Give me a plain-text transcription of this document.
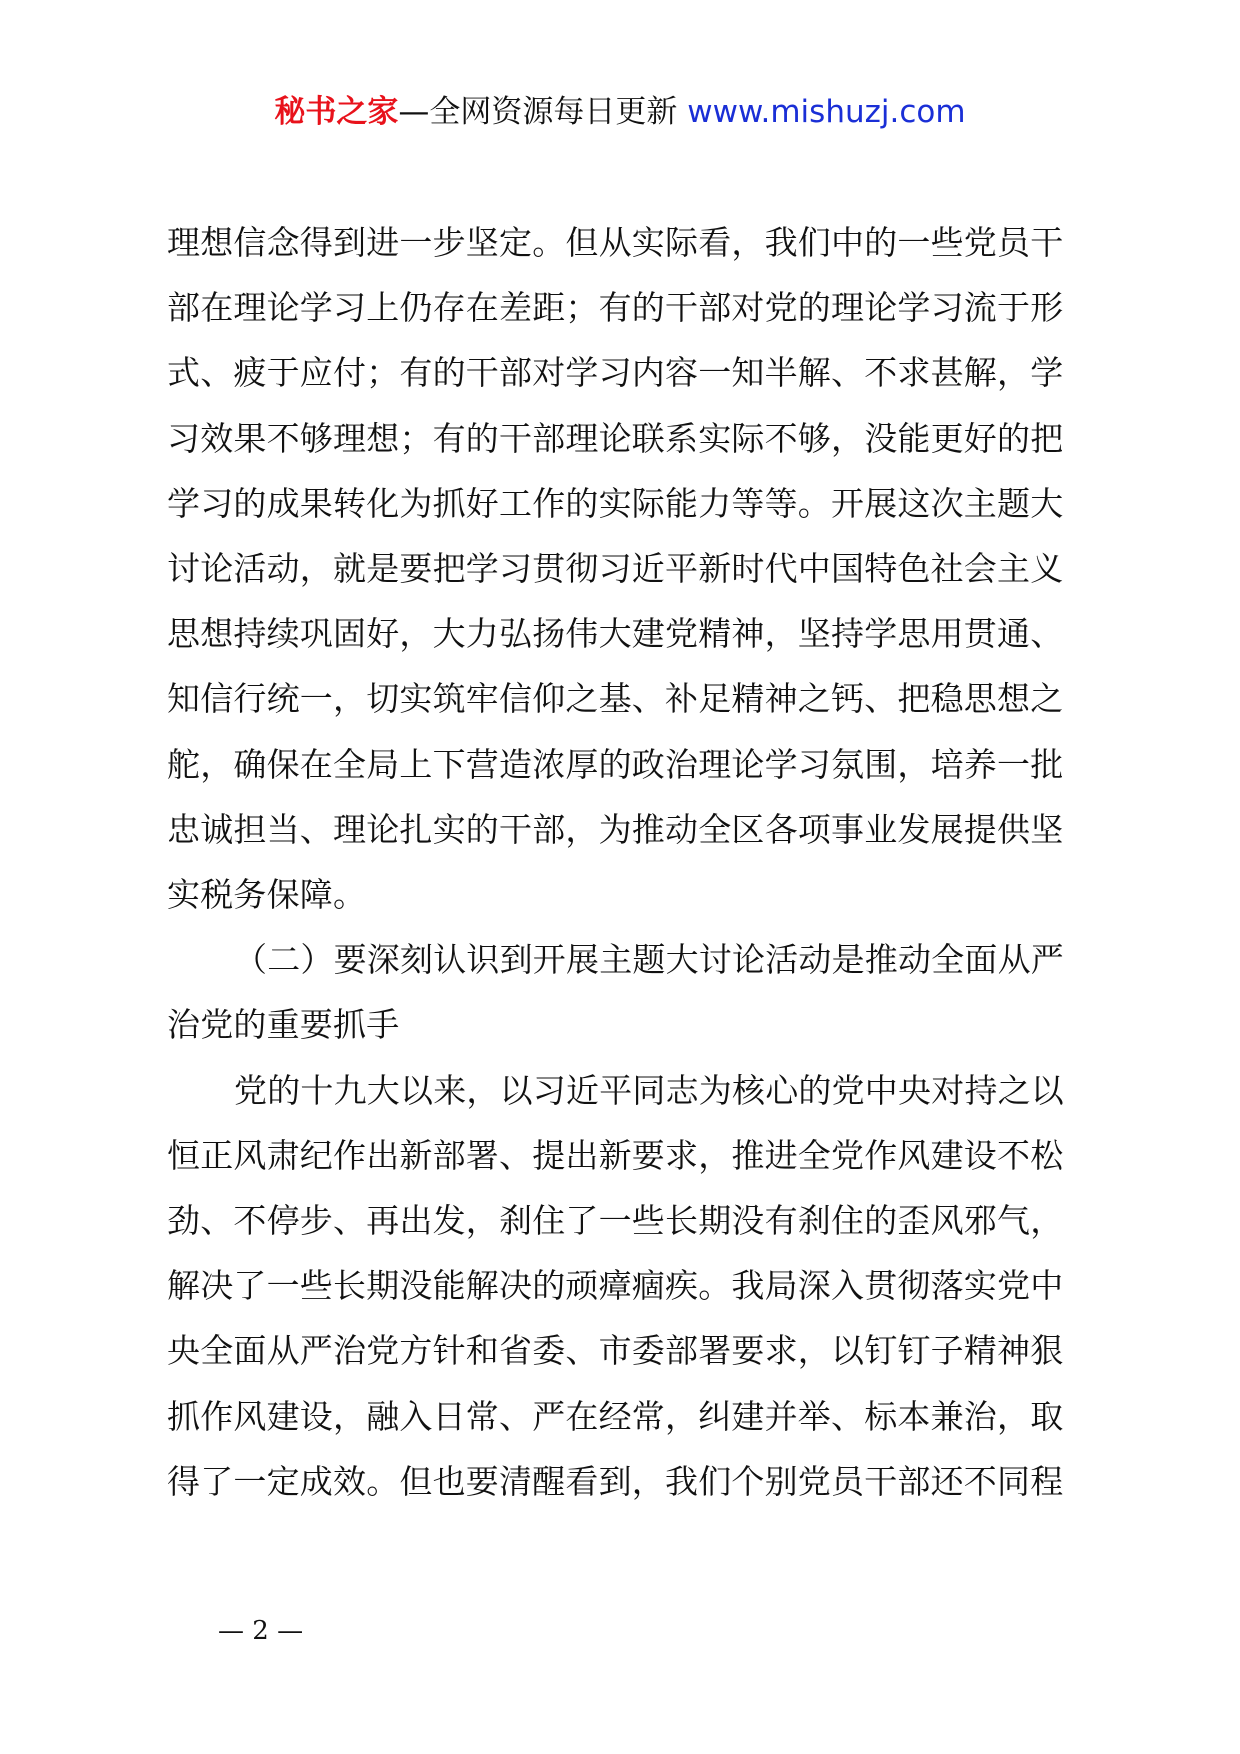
秘书之家—全网资源每日更新 www.mishuzj.com

理想信念得到进一步坚定。但从实际看，我们中的一些党员干
部在理论学习上仍存在差距；有的干部对党的理论学习流于形
式、疲于应付；有的干部对学习内容一知半解、不求甚解，学
习效果不够理想；有的干部理论联系实际不够，没能更好的把
学习的成果转化为抓好工作的实际能力等等。开展这次主题大
讨论活动，就是要把学习贯彻习近平新时代中国特色社会主义
思想持续巩固好，大力弘扬伟大建党精神，坚持学思用贯通、
知信行统一，切实筑牢信仰之基、补足精神之钙、把稳思想之
舵，确保在全局上下营造浓厚的政治理论学习氛围，培养一批
忠诚担当、理论扎实的干部，为推动全区各项事业发展提供坚
实税务保障。

（二）要深刻认识到开展主题大讨论活动是推动全面从严
治党的重要抓手

党的十九大以来，以习近平同志为核心的党中央对持之以
恒正风肃纪作出新部署、提出新要求，推进全党作风建设不松
劲、不停步、再出发，刹住了一些长期没有刹住的歪风邪气，
解决了一些长期没能解决的顽瘴痼疾。我局深入贯彻落实党中
央全面从严治党方针和省委、市委部署要求，以钉钉子精神狠
抓作风建设，融入日常、严在经常，纠建并举、标本兼治，取
得了一定成效。但也要清醒看到，我们个别党员干部还不同程

— 2 —
